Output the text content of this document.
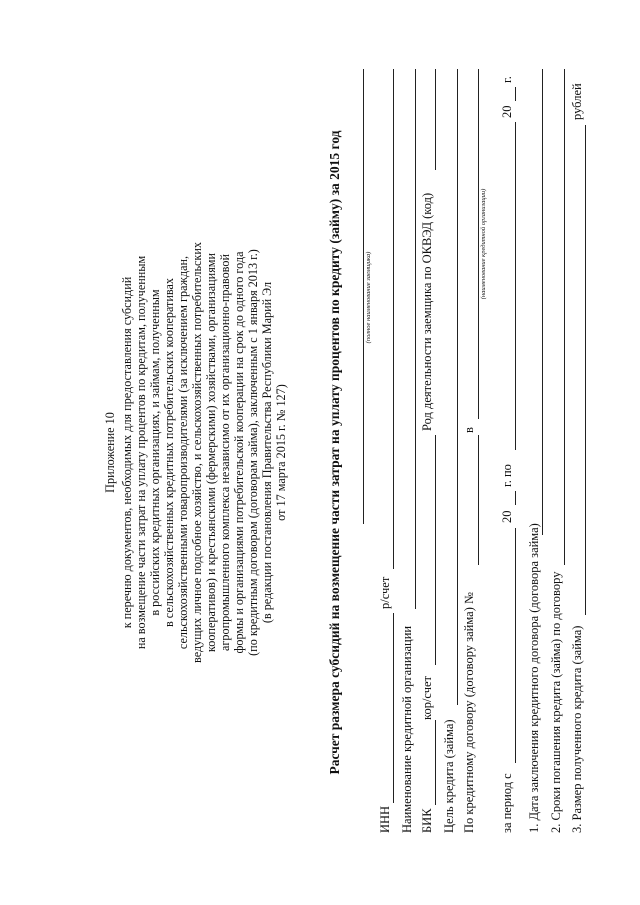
Приложение 10 к перечню документов, необходимых для предоставления субсидий на возмещение части затрат на уплату процентов по кредитам, полученным в российских кредитных организациях, и займам, полученным в сельскохозяйственных кредитных потребительских кооперативах сельскохозяйственными товаропроизводителями (за исключением граждан, ведущих личное подсобное хозяйство, и сельскохозяйственных потребительских кооперативов) и крестьянскими (фермерскими) хозяйствами, организациями агропромышленного комплекса независимо от их организационно-правовой формы и организациями потребительской кооперации на срок до одного года (по кредитным договорам (договорам займа), заключенным с 1 января 2013 г.) (в редакции постановления Правительства Республики Марий Эл от 17 марта 2015 г. № 127)	Расчет размера субсидий на возмещение части затрат на уплату процентов по кредиту (займу) за 2015 год	(полное наименование заемщика)
ИНН
р/счет
Наименование кредитной организации БИК
кор/счет
Род деятельности заемщика по ОКВЭД (код)
Цель кредита (займа) По кредитному договору (договору займа) №
в
(наименование кредитной организации)
за период с
20
г. по
20
г.
1. Дата заключения кредитного договора (договора займа) 2. Сроки погашения кредита (займа) по договору 3. Размер полученного кредита (займа)
рублей
